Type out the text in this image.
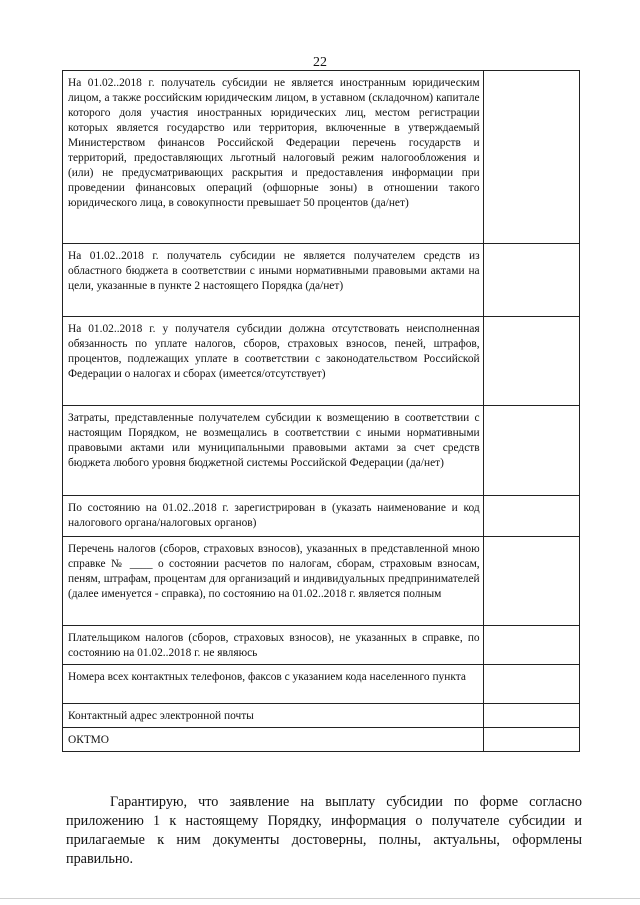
22
На 01.02..2018 г. получатель субсидии не является иностранным юридическим лицом, а также российским юридическим лицом, в уставном (складочном) капитале которого доля участия иностранных юридических лиц, местом регистрации которых является государство или территория, включенные в утверждаемый Министерством финансов Российской Федерации перечень государств и территорий, предоставляющих льготный налоговый режим налогообложения и (или) не предусматривающих раскрытия и предоставления информации при проведении финансовых операций (офшорные зоны) в отношении такого юридического лица, в совокупности превышает 50 процентов (да/нет)	
На 01.02..2018 г. получатель субсидии не является получателем средств из областного бюджета в соответствии с иными нормативными правовыми актами на цели, указанные в пункте 2 настоящего Порядка (да/нет)	
На 01.02..2018 г. у получателя субсидии должна отсутствовать неисполненная обязанность по уплате налогов, сборов, страховых взносов, пеней, штрафов, процентов, подлежащих уплате в соответствии с законодательством Российской Федерации о налогах и сборах (имеется/отсутствует)	
Затраты, представленные получателем субсидии к возмещению в соответствии с настоящим Порядком, не возмещались в соответствии с иными нормативными правовыми актами или муниципальными правовыми актами за счет средств бюджета любого уровня бюджетной системы Российской Федерации (да/нет)	
По состоянию на 01.02..2018 г. зарегистрирован в (указать наименование и код налогового органа/налоговых органов)	
Перечень налогов (сборов, страховых взносов), указанных в представленной мною справке № ____ о состоянии расчетов по налогам, сборам, страховым взносам, пеням, штрафам, процентам для организаций и индивидуальных предпринимателей (далее именуется - справка), по состоянию на 01.02..2018 г. является полным	
Плательщиком налогов (сборов, страховых взносов), не указанных в справке, по состоянию на 01.02..2018 г. не являюсь	
Номера всех контактных телефонов, факсов с указанием кода населенного пункта	
Контактный адрес электронной почты	
ОКТМО	

Гарантирую, что заявление на выплату субсидии по форме согласно приложению 1 к настоящему Порядку, информация о получателе субсидии и прилагаемые к ним документы достоверны, полны, актуальны, оформлены правильно.
